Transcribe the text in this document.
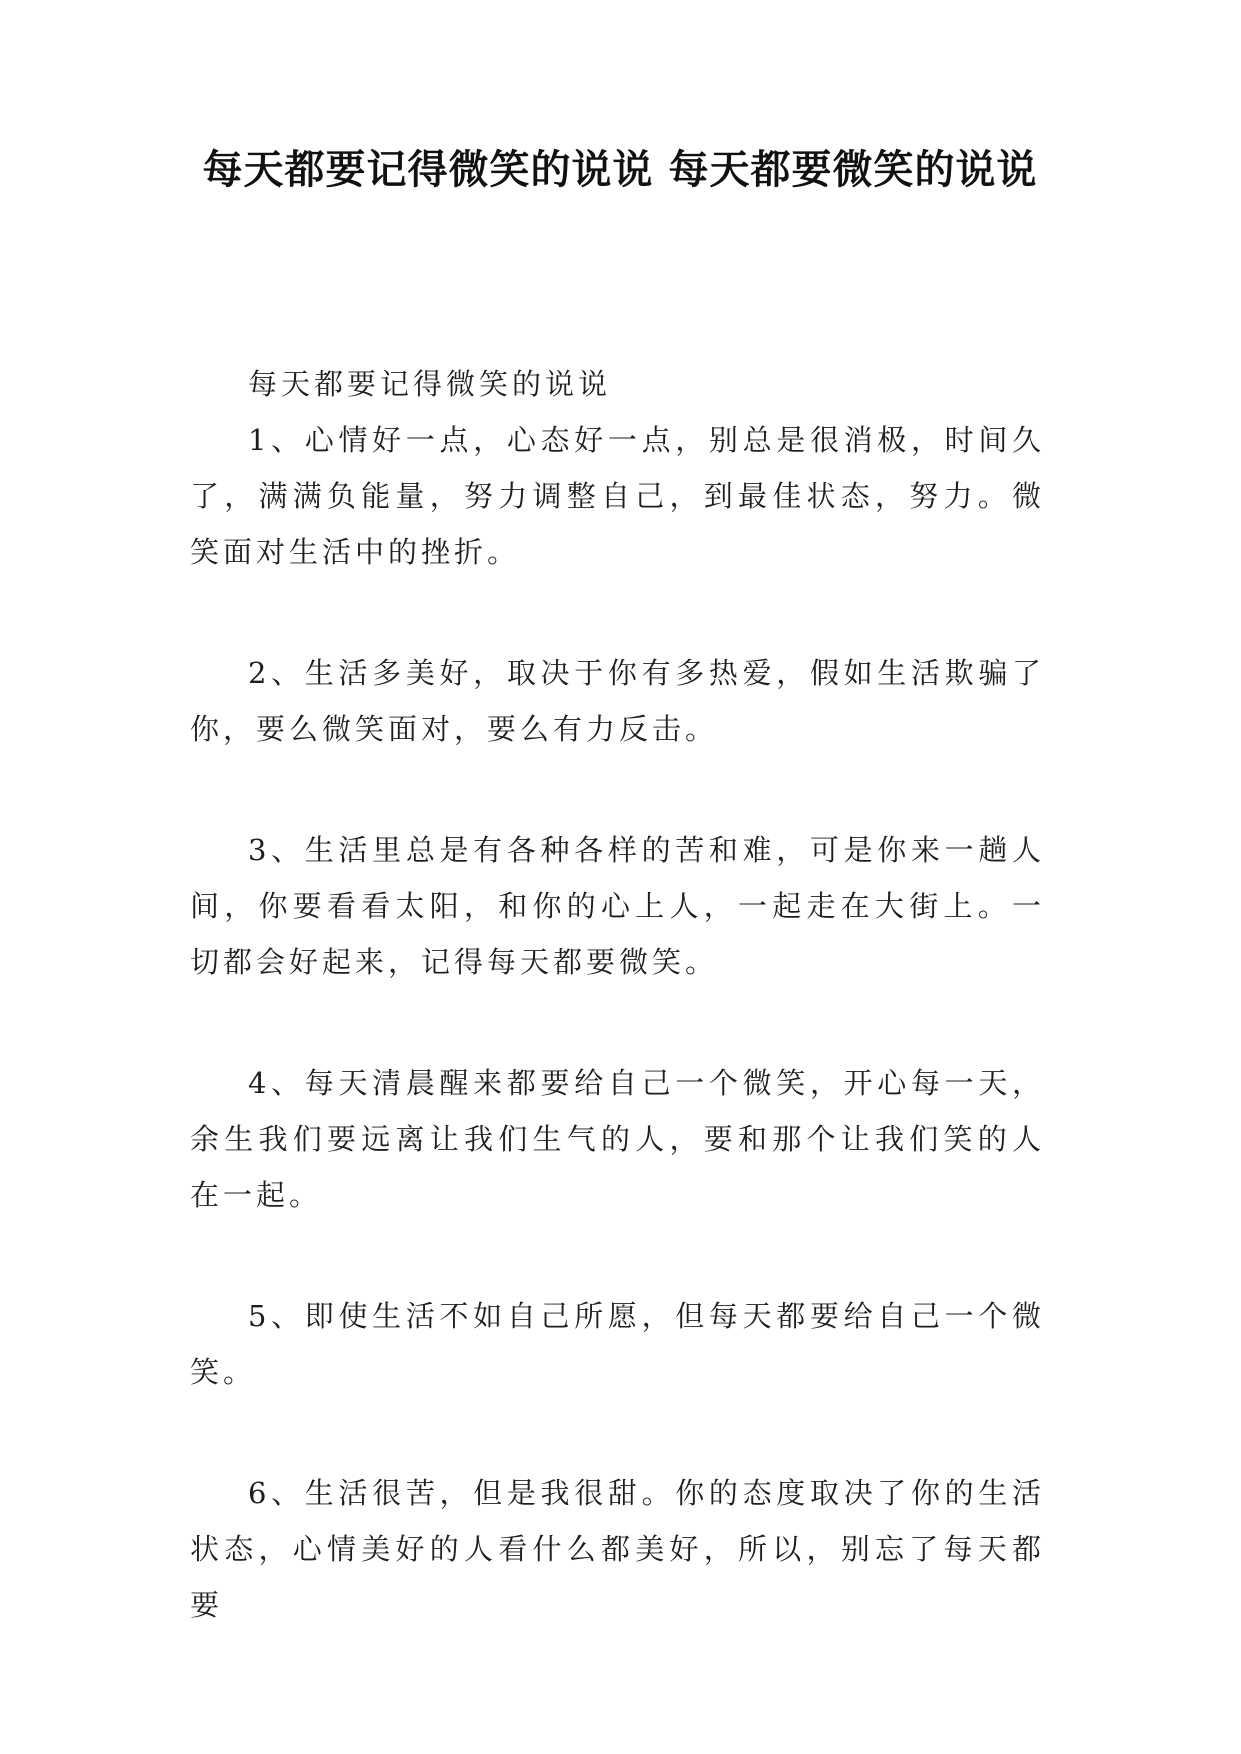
每天都要记得微笑的说说 每天都要微笑的说说

每天都要记得微笑的说说

1、心情好一点，心态好一点，别总是很消极，时间久了，满满负能量，努力调整自己，到最佳状态，努力。微笑面对生活中的挫折。

2、生活多美好，取决于你有多热爱，假如生活欺骗了你，要么微笑面对，要么有力反击。

3、生活里总是有各种各样的苦和难，可是你来一趟人间，你要看看太阳，和你的心上人，一起走在大街上。一切都会好起来，记得每天都要微笑。

4、每天清晨醒来都要给自己一个微笑，开心每一天，余生我们要远离让我们生气的人，要和那个让我们笑的人在一起。

5、即使生活不如自己所愿，但每天都要给自己一个微笑。

6、生活很苦，但是我很甜。你的态度取决了你的生活状态，心情美好的人看什么都美好，所以，别忘了每天都要
